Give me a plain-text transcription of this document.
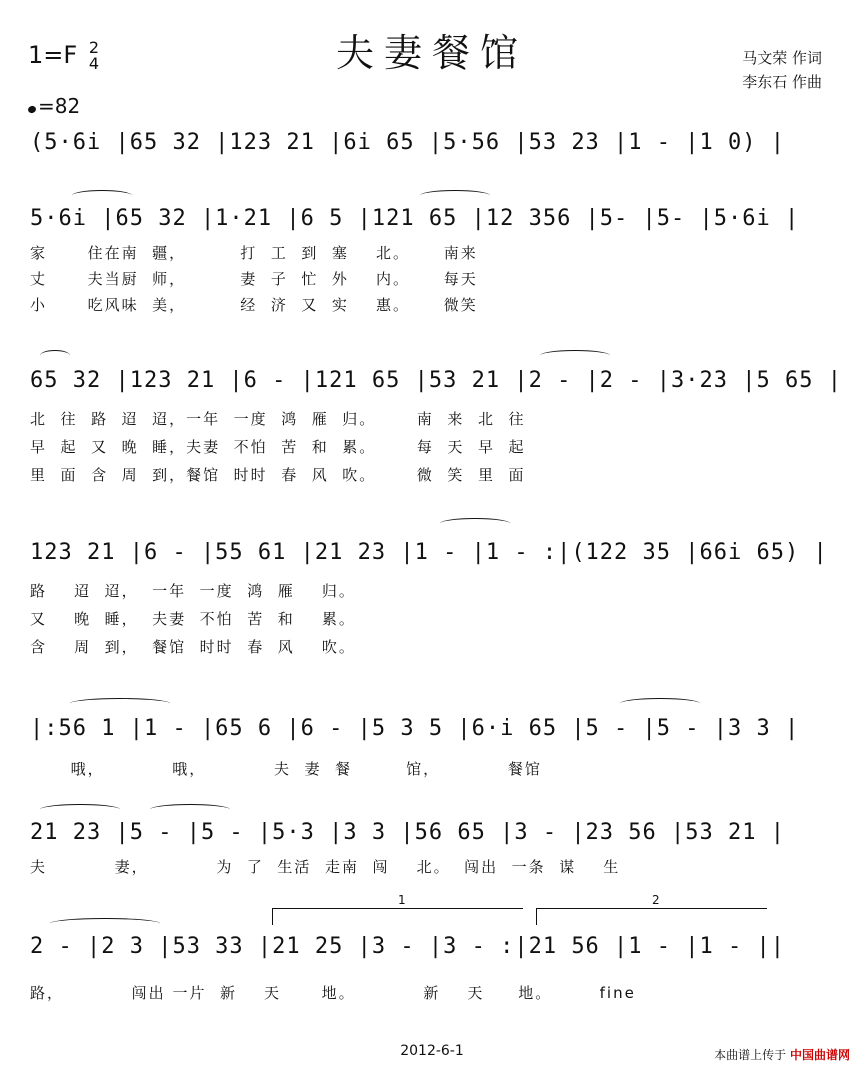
夫妻餐馆
1=F 2
4
=82
马文荣 作词
李东石 作曲
(5·6i |65 32 |123 21 |6i 65 |5·56 |53 23 |1 - |1 0) |
5·6i |65 32 |1·21 |6 5 |121 65 |12 356 |5- |5- |5·6i |
家      住在南  疆，        打  工  到  塞    北。     南来
丈      夫当厨  师，        妻  子  忙  外    内。     每天
小      吃风味  美，        经  济  又  实    惠。     微笑
65 32 |123 21 |6 - |121 65 |53 21 |2 - |2 - |3·23 |5 65 |
北  往  路  迢  迢，一年  一度  鸿  雁  归。      南  来  北  往
早  起  又  晚  睡，夫妻  不怕  苦  和  累。      每  天  早  起
里  面  含  周  到，餐馆  时时  春  风  吹。      微  笑  里  面
123 21 |6 - |55 61 |21 23 |1 - |1 - :|(122 35 |66i 65) |
路    迢  迢，  一年  一度  鸿  雁    归。
又    晚  睡，  夫妻  不怕  苦  和    累。
含    周  到，  餐馆  时时  春  风    吹。
|:56 1 |1 - |65 6 |6 - |5 3 5 |6·i 65 |5 - |5 - |3 3 |
哦，          哦，          夫  妻  餐        馆，          餐馆
21 23 |5 - |5 - |5·3 |3 3 |56 65 |3 - |23 56 |53 21 |
夫          妻，          为  了  生活  走南  闯    北。  闯出  一条  谋    生
1	2
2 - |2 3 |53 33 |21 25 |3 - |3 - :|21 56 |1 - |1 - ||
路，          闯出 一片  新    天      地。          新    天     地。       fine
2012-6-1	本曲谱上传于 中国曲谱网
